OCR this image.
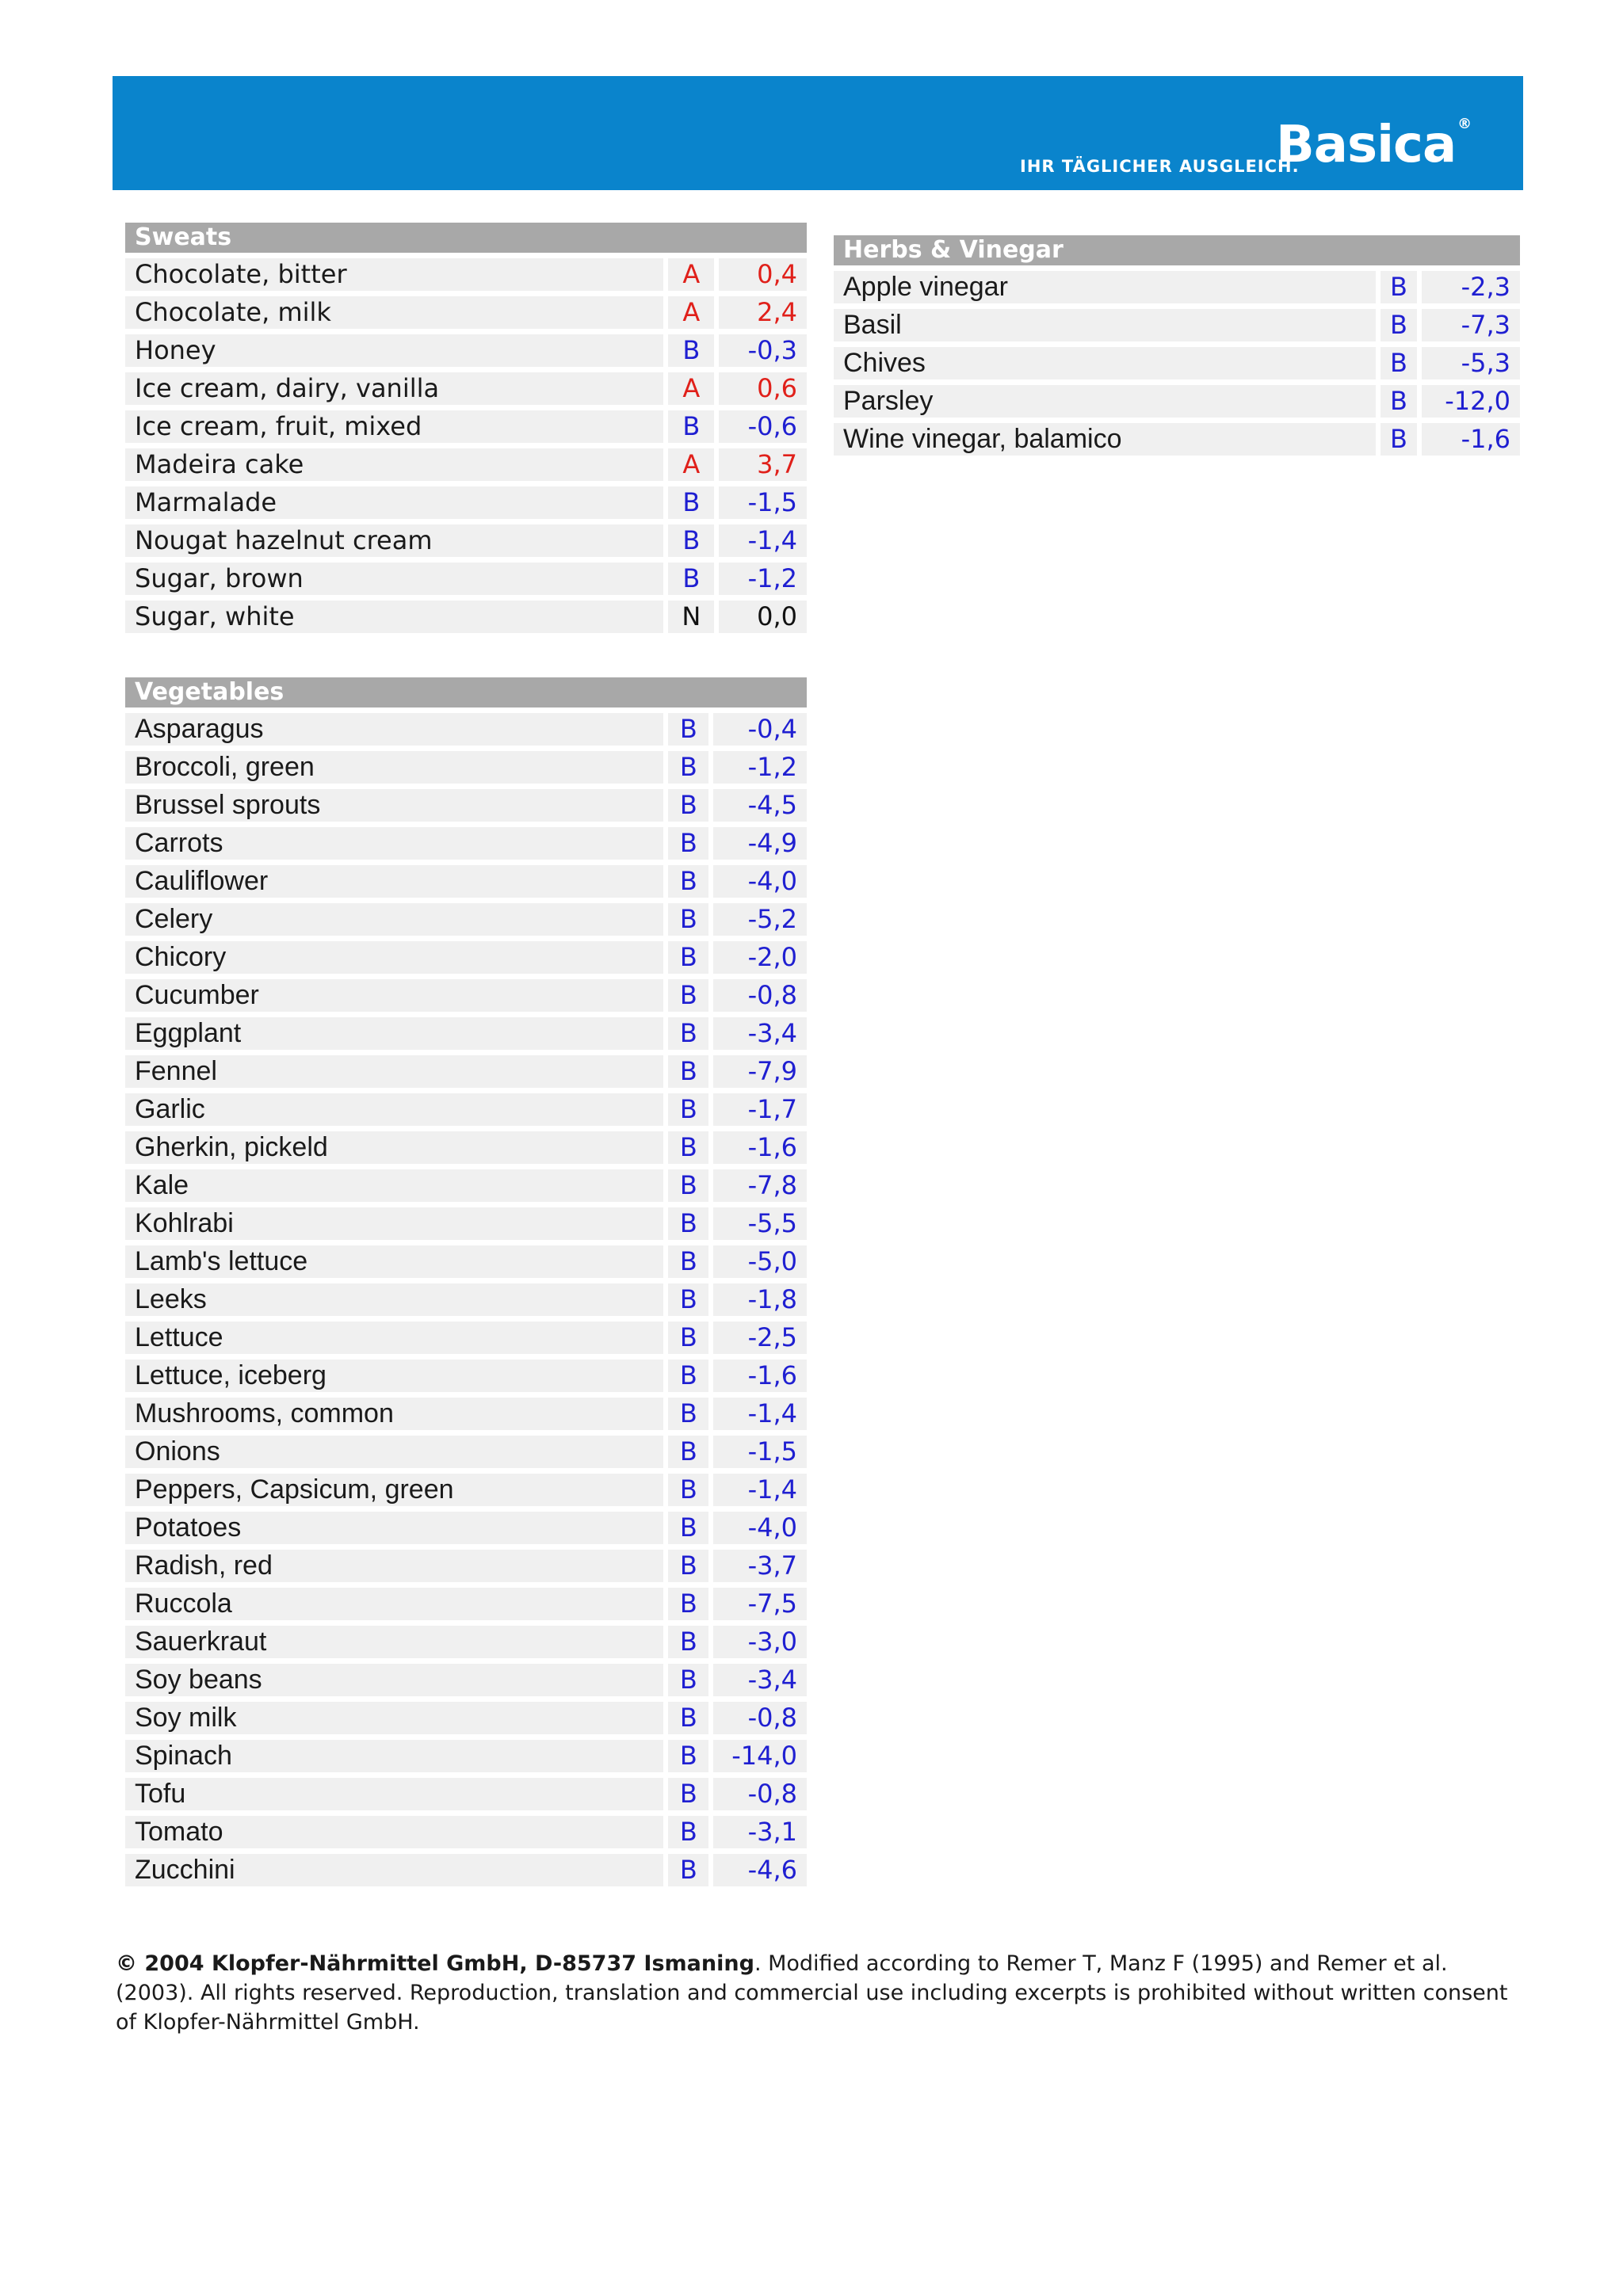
IHR TÄGLICHER AUSGLEICH.
Basica ®
Sweats
Chocolate, bitter	A	0,4
Chocolate, milk	A	2,4
Honey	B	-0,3
Ice cream, dairy, vanilla	A	0,6
Ice cream, fruit, mixed	B	-0,6
Madeira cake	A	3,7
Marmalade	B	-1,5
Nougat hazelnut cream	B	-1,4
Sugar, brown	B	-1,2
Sugar, white	N	0,0
Vegetables
Asparagus	B	-0,4
Broccoli, green	B	-1,2
Brussel sprouts	B	-4,5
Carrots	B	-4,9
Cauliflower	B	-4,0
Celery	B	-5,2
Chicory	B	-2,0
Cucumber	B	-0,8
Eggplant	B	-3,4
Fennel	B	-7,9
Garlic	B	-1,7
Gherkin, pickeld	B	-1,6
Kale	B	-7,8
Kohlrabi	B	-5,5
Lamb's lettuce	B	-5,0
Leeks	B	-1,8
Lettuce	B	-2,5
Lettuce, iceberg	B	-1,6
Mushrooms, common	B	-1,4
Onions	B	-1,5
Peppers, Capsicum, green	B	-1,4
Potatoes	B	-4,0
Radish, red	B	-3,7
Ruccola	B	-7,5
Sauerkraut	B	-3,0
Soy beans	B	-3,4
Soy milk	B	-0,8
Spinach	B	-14,0
Tofu	B	-0,8
Tomato	B	-3,1
Zucchini	B	-4,6
Herbs & Vinegar
Apple vinegar	B	-2,3
Basil	B	-7,3
Chives	B	-5,3
Parsley	B	-12,0
Wine vinegar, balamico	B	-1,6
© 2004 Klopfer-Nährmittel GmbH, D-85737 Ismaning. Modified according to Remer T, Manz F (1995) and Remer et al. (2003). All rights reserved. Reproduction, translation and commercial use including excerpts is prohibited without written consent of Klopfer-Nährmittel GmbH.
